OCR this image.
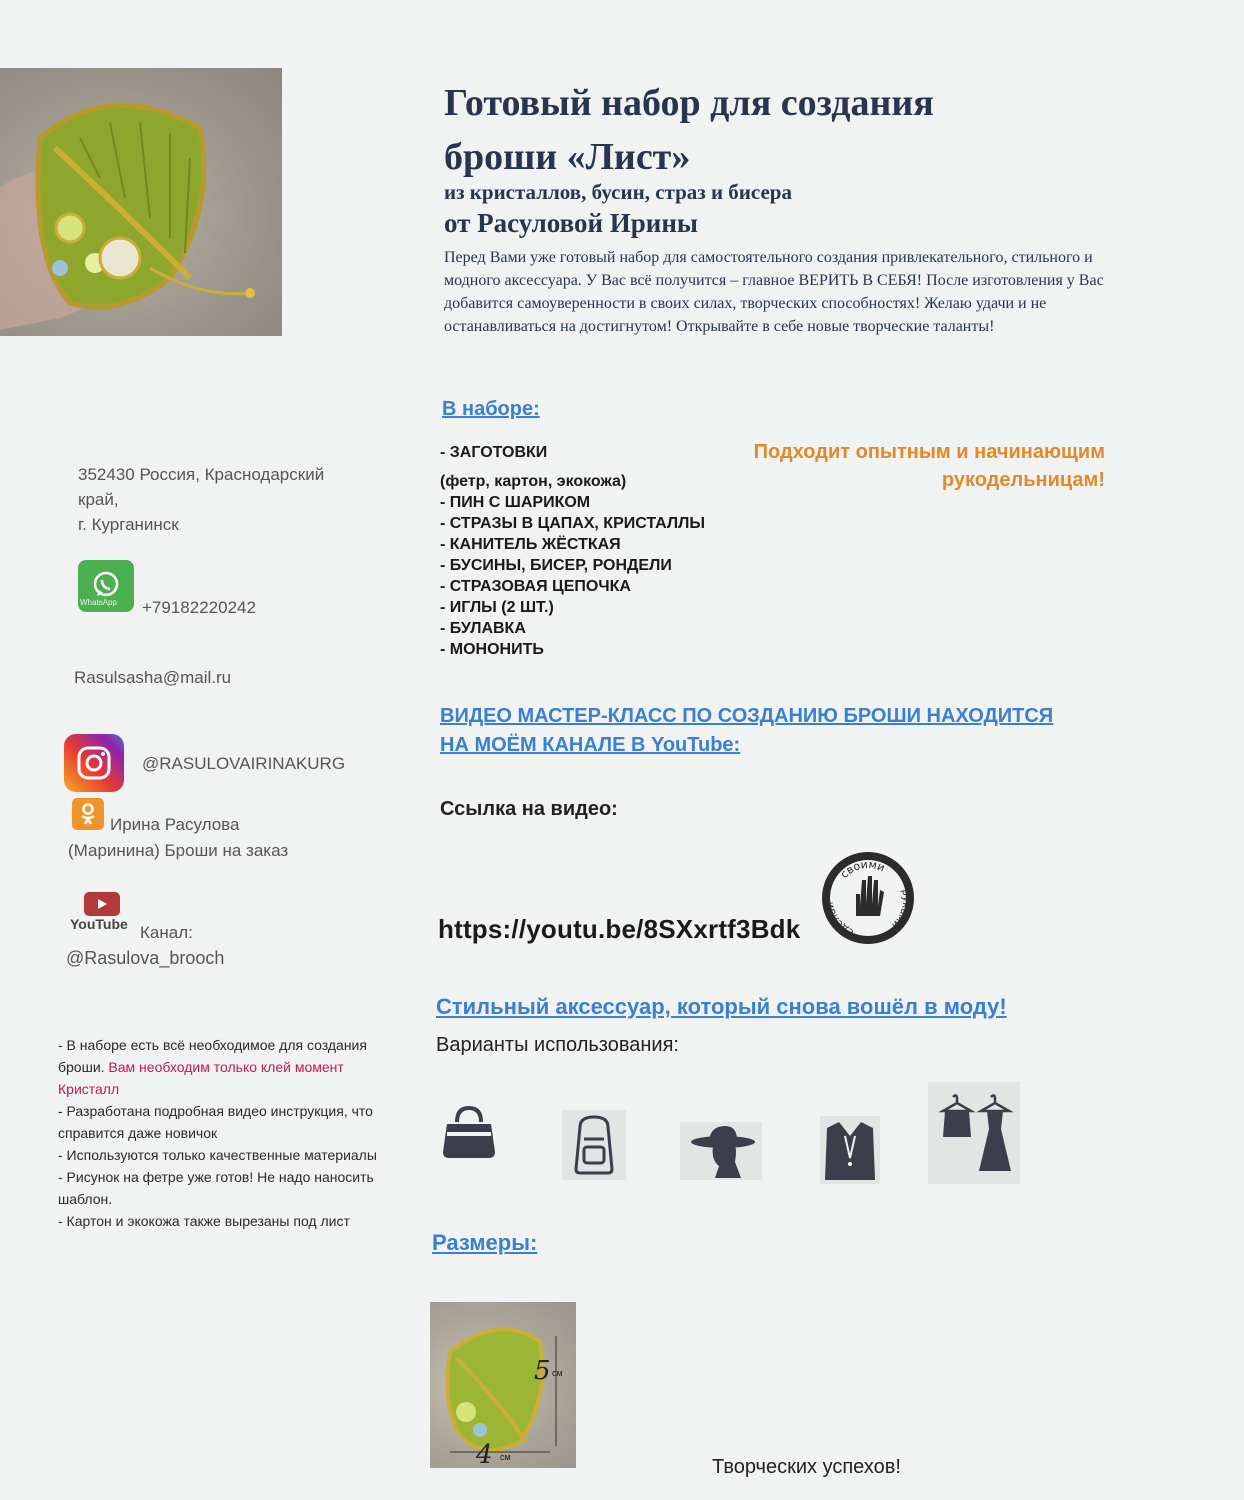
352430 Россия, Краснодарский
край,
г. Курганинск
WhatsApp +79182220242
Rasulsasha@mail.ru
@RASULOVAIRINAKURG
Ирина Расулова
(Маринина) Броши на заказ
YouTube Канал:
@Rasulova_brooch
- В наборе есть всё необходимое для создания броши. Вам необходим только клей момент Кристалл
- Разработана подробная видео инструкция, что справится даже новичок
- Используются только качественные материалы
- Рисунок на фетре уже готов! Не надо наносить шаблон.
- Картон и экокожа также вырезаны под лист
Готовый набор для создания
броши «Лист»
из кристаллов, бусин, страз и бисера
от Расуловой Ирины
Перед Вами уже готовый набор для самостоятельного создания привлекательного, стильного и модного аксессуара. У Вас всё получится – главное ВЕРИТЬ В СЕБЯ! После изготовления у Вас добавится самоуверенности в своих силах, творческих способностях! Желаю удачи и не останавливаться на достигнутом! Открывайте в себе новые творческие таланты!
В наборе:
- ЗАГОТОВКИ
(фетр, картон, экокожа)
- ПИН С ШАРИКОМ
- СТРАЗЫ В ЦАПАХ, КРИСТАЛЛЫ
- КАНИТЕЛЬ ЖЁСТКАЯ
- БУСИНЫ, БИСЕР, РОНДЕЛИ
- СТРАЗОВАЯ ЦЕПОЧКА
- ИГЛЫ (2 ШТ.)
- БУЛАВКА
- МОНОНИТЬ
Подходит опытным и начинающим
рукодельницам!
ВИДЕО МАСТЕР-КЛАСС ПО СОЗДАНИЮ БРОШИ НАХОДИТСЯ
НА МОЁМ КАНАЛЕ В YouTube:
Ссылка на видео:
https://youtu.be/8SXxrtf3Bdk
своими
сделай
руками
Стильный аксессуар, который снова вошёл в моду!
Варианты использования:
Размеры:
5 см
4 см	Творческих успехов!
